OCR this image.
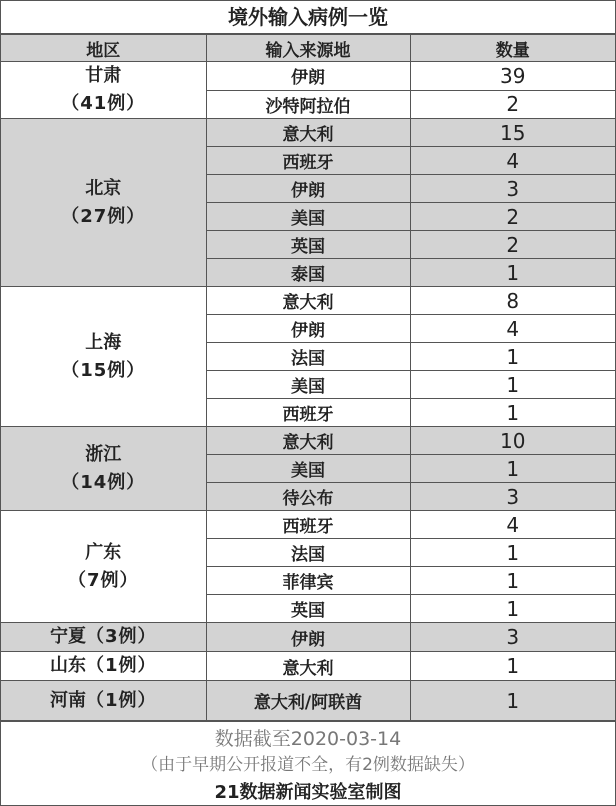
境外输入病例一览
地区	输入来源地	数量
甘肃
（41例）	伊朗	39
	沙特阿拉伯	2
北京
（27例）	意大利	15
	西班牙	4
	伊朗	3
	美国	2
	英国	2
	泰国	1
上海
（15例）	意大利	8
	伊朗	4
	法国	1
	美国	1
	西班牙	1
浙江
（14例）	意大利	10
	美国	1
	待公布	3
广东
（7例）	西班牙	4
	法国	1
	菲律宾	1
	英国	1
宁夏（3例）	伊朗	3
山东（1例）	意大利	1
河南（1例）	意大利/阿联酋	1
数据截至2020-03-14
（由于早期公开报道不全，有2例数据缺失）
21数据新闻实验室制图
